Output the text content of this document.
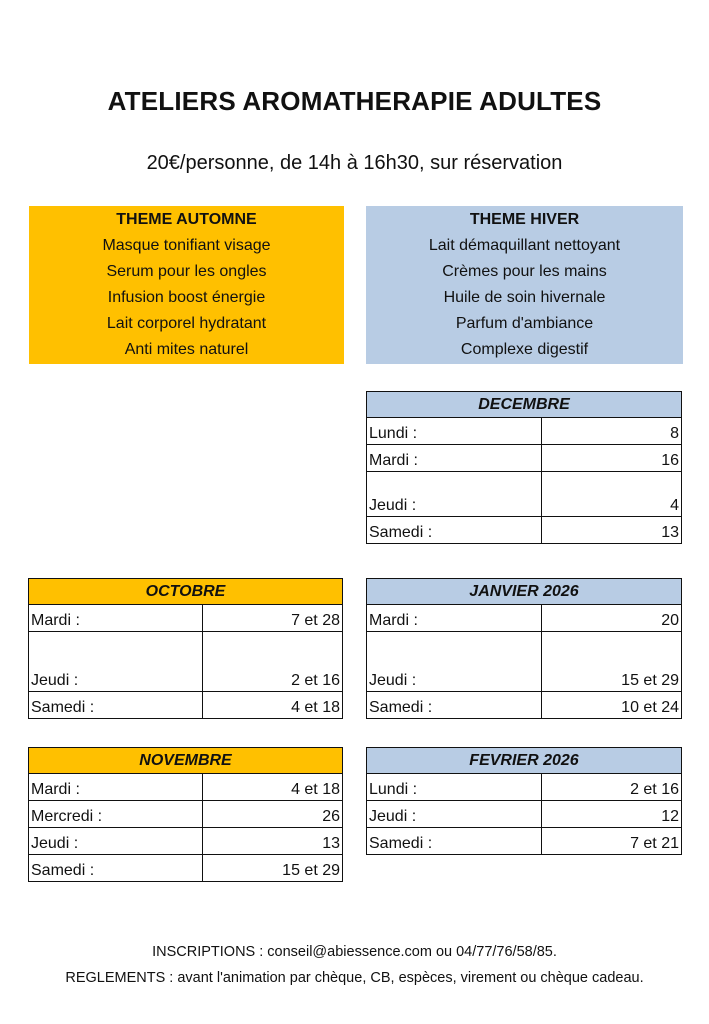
ATELIERS AROMATHERAPIE ADULTES
20€/personne, de 14h à 16h30, sur réservation
THEME AUTOMNE
Masque tonifiant visage
Serum pour les ongles
Infusion boost énergie
Lait corporel hydratant
Anti mites naturel
THEME HIVER
Lait démaquillant nettoyant
Crèmes pour les mains
Huile de soin hivernale
Parfum d'ambiance
Complexe digestif
DECEMBRE	
Lundi :	8
Mardi :	16
Jeudi :	4
Samedi :	13
OCTOBRE	
Mardi :	7 et 28
Jeudi :	2 et 16
Samedi :	4 et 18
JANVIER 2026	
Mardi :	20
Jeudi :	15 et 29
Samedi :	10 et 24
NOVEMBRE	
Mardi :	4 et 18
Mercredi :	26
Jeudi :	13
Samedi :	15 et 29
FEVRIER 2026	
Lundi :	2 et 16
Jeudi :	12
Samedi :	7 et 21
INSCRIPTIONS : conseil@abiessence.com ou 04/77/76/58/85.
REGLEMENTS : avant l'animation par chèque, CB, espèces, virement ou chèque cadeau.
